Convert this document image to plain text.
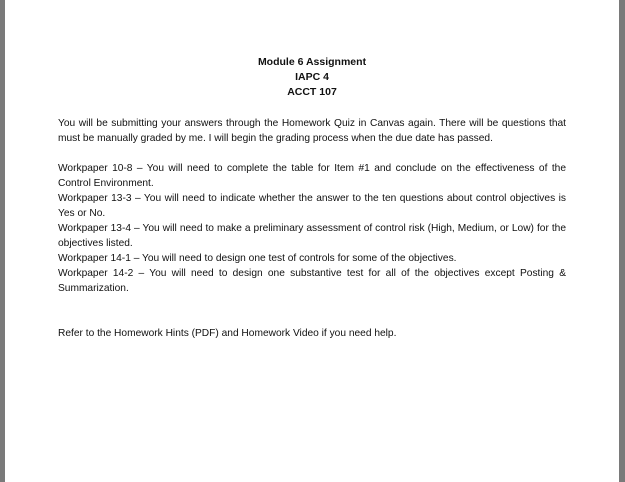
Module 6 Assignment
IAPC 4
ACCT 107

You will be submitting your answers through the Homework Quiz in Canvas again. There will be questions that must be manually graded by me. I will begin the grading process when the due date has passed.

Workpaper 10-8 – You will need to complete the table for Item #1 and conclude on the effectiveness of the Control Environment.

Workpaper 13-3 – You will need to indicate whether the answer to the ten questions about control objectives is Yes or No.

Workpaper 13-4 – You will need to make a preliminary assessment of control risk (High, Medium, or Low) for the objectives listed.

Workpaper 14-1 – You will need to design one test of controls for some of the objectives.

Workpaper 14-2 – You will need to design one substantive test for all of the objectives except Posting & Summarization.

Refer to the Homework Hints (PDF) and Homework Video if you need help.
